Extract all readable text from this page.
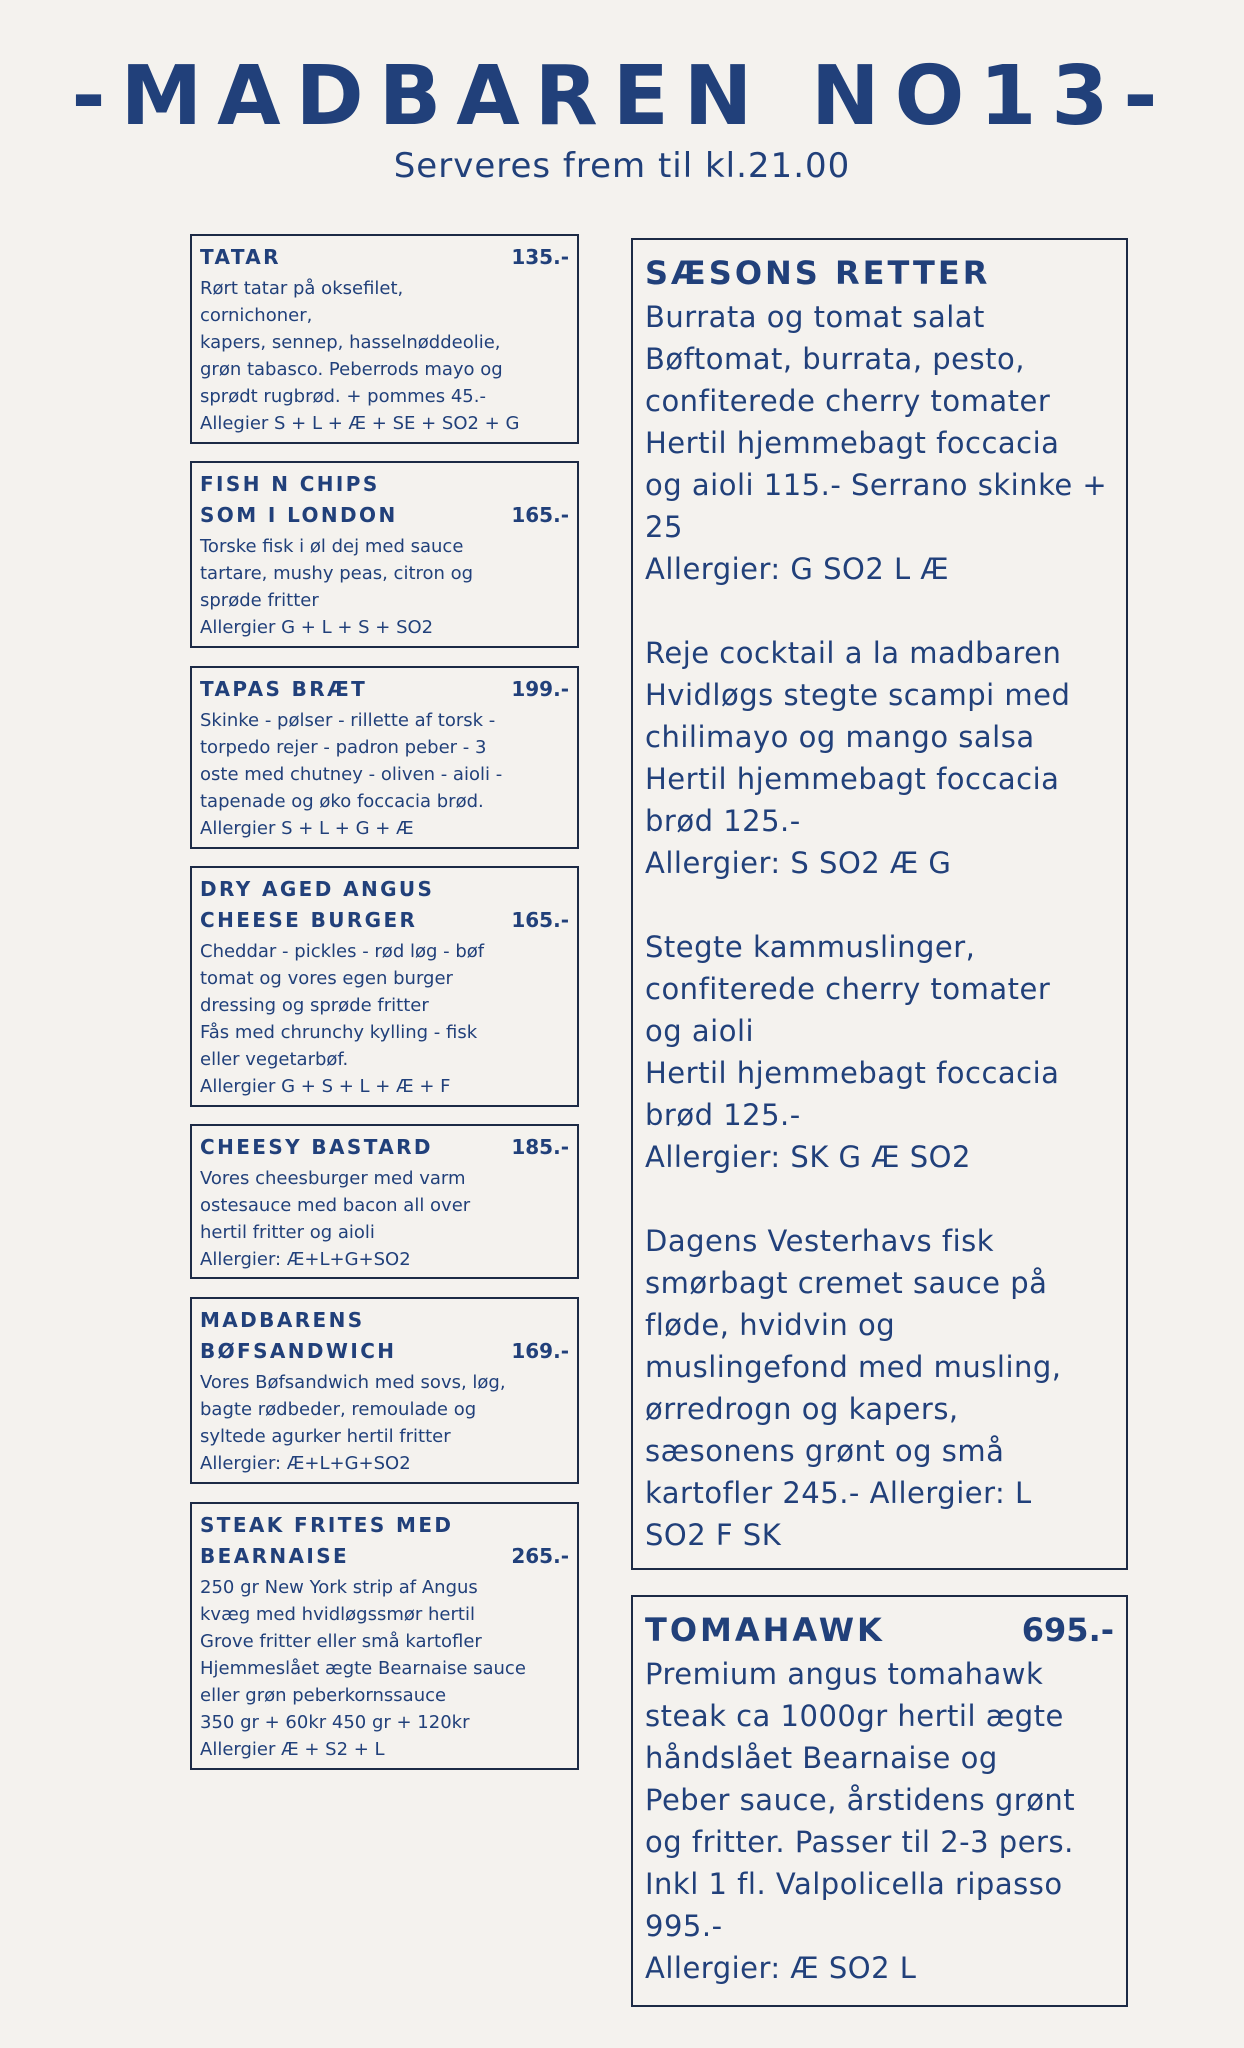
-MADBAREN NO13-
Serveres frem til kl.21.00
TATAR	135.-
Rørt tatar på oksefilet,
cornichoner,
kapers, sennep, hasselnøddeolie,
grøn tabasco. Peberrods mayo og
sprødt rugbrød. + pommes 45.-
Allegier S + L + Æ + SE + SO2 + G
FISH N CHIPS
SOM I LONDON	165.-
Torske fisk i øl dej med sauce
tartare, mushy peas, citron og
sprøde fritter
Allergier G + L + S + SO2
TAPAS BRÆT	199.-
Skinke - pølser - rillette af torsk -
torpedo rejer - padron peber - 3
oste med chutney - oliven - aioli -
tapenade og øko foccacia brød.
Allergier S + L + G + Æ
DRY AGED ANGUS
CHEESE BURGER	165.-
Cheddar - pickles - rød løg - bøf
tomat og vores egen burger
dressing og sprøde fritter
Fås med chrunchy kylling - fisk
eller vegetarbøf.
Allergier G + S + L + Æ + F
CHEESY BASTARD	185.-
Vores cheesburger med varm
ostesauce med bacon all over
hertil fritter og aioli
Allergier: Æ+L+G+SO2
MADBARENS
BØFSANDWICH	169.-
Vores Bøfsandwich med sovs, løg,
bagte rødbeder, remoulade og
syltede agurker hertil fritter
Allergier: Æ+L+G+SO2
STEAK FRITES MED
BEARNAISE	265.-
250 gr New York strip af Angus
kvæg med hvidløgssmør hertil
Grove fritter eller små kartofler
Hjemmeslået ægte Bearnaise sauce
eller grøn peberkornssauce
350 gr + 60kr 450 gr + 120kr
Allergier Æ + S2 + L
SÆSONS RETTER
Burrata og tomat salat
Bøftomat, burrata, pesto,
confiterede cherry tomater
Hertil hjemmebagt foccacia
og aioli 115.- Serrano skinke +
25
Allergier: G SO2 L Æ
Reje cocktail a la madbaren
Hvidløgs stegte scampi med
chilimayo og mango salsa
Hertil hjemmebagt foccacia
brød 125.-
Allergier: S SO2 Æ G
Stegte kammuslinger,
confiterede cherry tomater
og aioli
Hertil hjemmebagt foccacia
brød 125.-
Allergier: SK G Æ SO2
Dagens Vesterhavs fisk
smørbagt cremet sauce på
fløde, hvidvin og
muslingefond med musling,
ørredrogn og kapers,
sæsonens grønt og små
kartofler 245.- Allergier: L
SO2 F SK
TOMAHAWK	695.-
Premium angus tomahawk
steak ca 1000gr hertil ægte
håndslået Bearnaise og
Peber sauce, årstidens grønt
og fritter. Passer til 2-3 pers.
Inkl 1 fl. Valpolicella ripasso
995.-
Allergier: Æ SO2 L
